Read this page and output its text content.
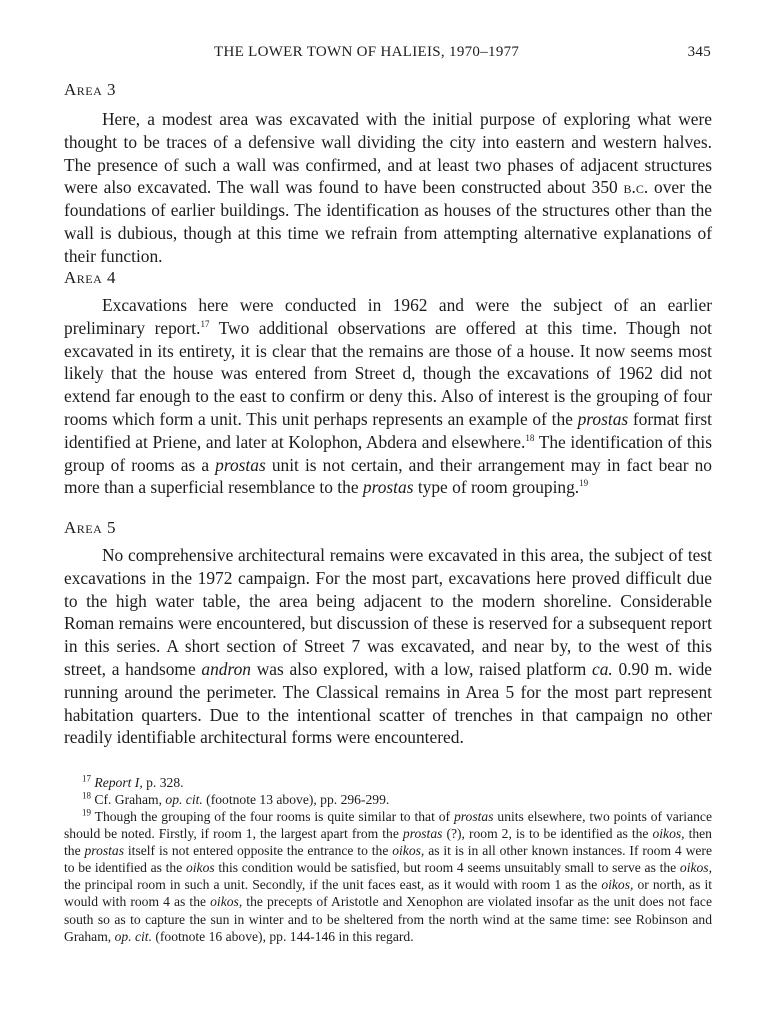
THE LOWER TOWN OF HALIEIS, 1970–1977	345
Area 3

Here, a modest area was excavated with the initial purpose of exploring what were thought to be traces of a defensive wall dividing the city into eastern and western halves. The presence of such a wall was confirmed, and at least two phases of adjacent structures were also excavated. The wall was found to have been constructed about 350 b.c. over the foundations of earlier buildings. The identification as houses of the structures other than the wall is dubious, though at this time we refrain from attempting alternative explanations of their function.

Area 4

Excavations here were conducted in 1962 and were the subject of an earlier preliminary report.$^{17}$ Two additional observations are offered at this time. Though not excavated in its entirety, it is clear that the remains are those of a house. It now seems most likely that the house was entered from Street d, though the excavations of 1962 did not extend far enough to the east to confirm or deny this. Also of interest is the grouping of four rooms which form a unit. This unit perhaps represents an example of the prostas format first identified at Priene, and later at Kolophon, Abdera and elsewhere.$^{18}$ The identification of this group of rooms as a prostas unit is not certain, and their arrangement may in fact bear no more than a superficial resemblance to the prostas type of room grouping.$^{19}$

Area 5

No comprehensive architectural remains were excavated in this area, the subject of test excavations in the 1972 campaign. For the most part, excavations here proved difficult due to the high water table, the area being adjacent to the modern shoreline. Considerable Roman remains were encountered, but discussion of these is reserved for a subsequent report in this series. A short section of Street 7 was excavated, and near by, to the west of this street, a handsome andron was also explored, with a low, raised platform ca. 0.90 m. wide running around the perimeter. The Classical remains in Area 5 for the most part represent habitation quarters. Due to the intentional scatter of trenches in that campaign no other readily identifiable architectural forms were encountered.

$^{17}$ Report I, p. 328.

$^{18}$ Cf. Graham, op. cit. (footnote 13 above), pp. 296-299.

$^{19}$ Though the grouping of the four rooms is quite similar to that of prostas units elsewhere, two points of variance should be noted. Firstly, if room 1, the largest apart from the prostas (?), room 2, is to be identified as the oikos, then the prostas itself is not entered opposite the entrance to the oikos, as it is in all other known instances. If room 4 were to be identified as the oikos this condition would be satisfied, but room 4 seems unsuitably small to serve as the oikos, the principal room in such a unit. Secondly, if the unit faces east, as it would with room 1 as the oikos, or north, as it would with room 4 as the oikos, the precepts of Aristotle and Xenophon are violated insofar as the unit does not face south so as to capture the sun in winter and to be sheltered from the north wind at the same time: see Robinson and Graham, op. cit. (footnote 16 above), pp. 144-146 in this regard.
